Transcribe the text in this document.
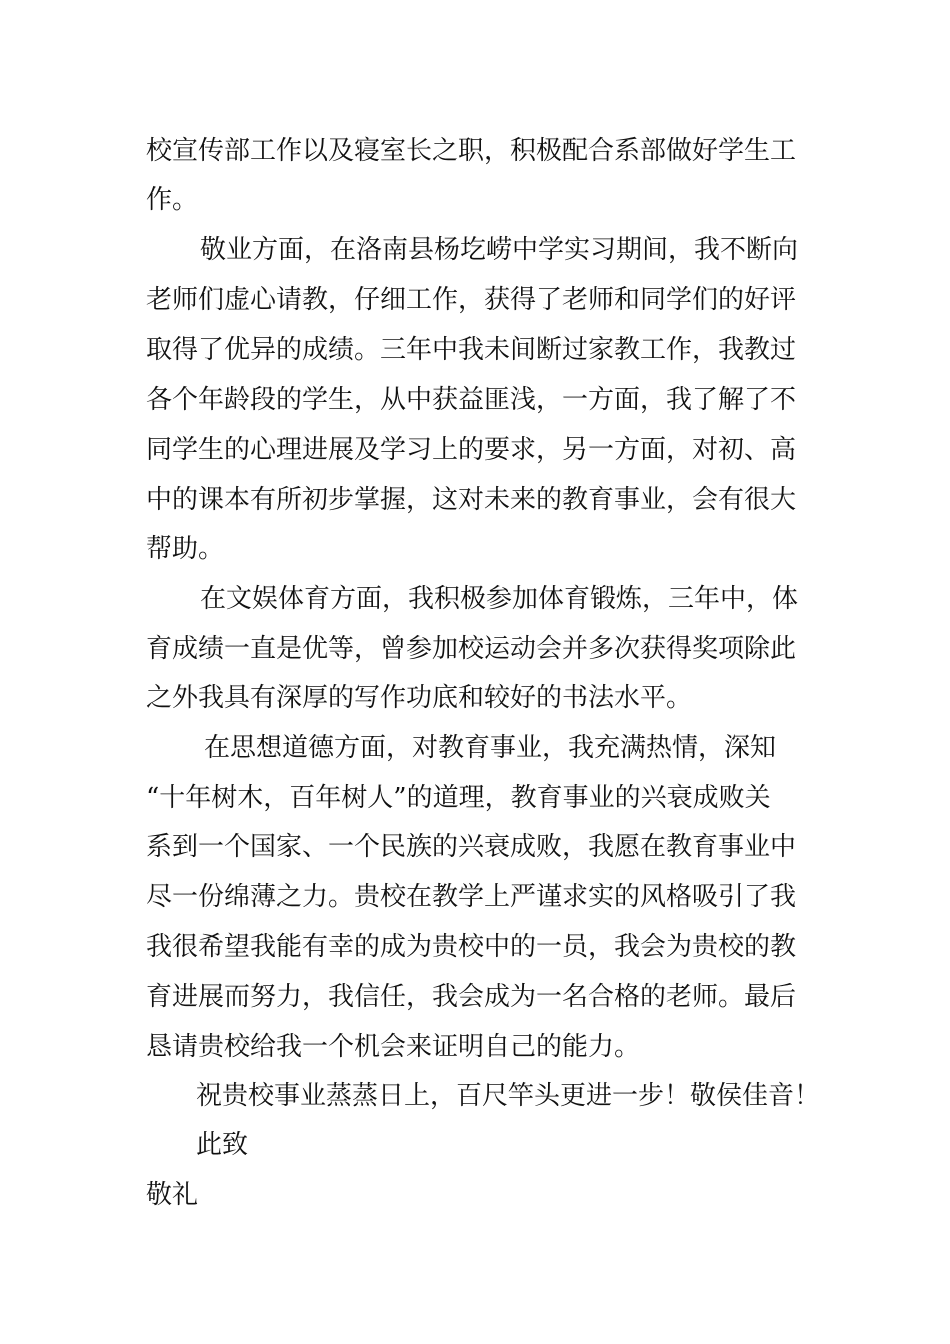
校宣传部工作以及寝室长之职，积极配合系部做好学生工
作。
敬业方面，在洛南县杨圪崂中学实习期间，我不断向
老师们虚心请教，仔细工作，获得了老师和同学们的好评
取得了优异的成绩。三年中我未间断过家教工作，我教过
各个年龄段的学生，从中获益匪浅，一方面，我了解了不
同学生的心理进展及学习上的要求，另一方面，对初、高
中的课本有所初步掌握，这对未来的教育事业，会有很大
帮助。
在文娱体育方面，我积极参加体育锻炼，三年中，体
育成绩一直是优等，曾参加校运动会并多次获得奖项除此
之外我具有深厚的写作功底和较好的书法水平。
在思想道德方面，对教育事业，我充满热情，深知
“十年树木，百年树人”的道理，教育事业的兴衰成败关
系到一个国家、一个民族的兴衰成败，我愿在教育事业中
尽一份绵薄之力。贵校在教学上严谨求实的风格吸引了我
我很希望我能有幸的成为贵校中的一员，我会为贵校的教
育进展而努力，我信任，我会成为一名合格的老师。最后
恳请贵校给我一个机会来证明自己的能力。
祝贵校事业蒸蒸日上，百尺竿头更进一步！敬侯佳音！
此致
敬礼
